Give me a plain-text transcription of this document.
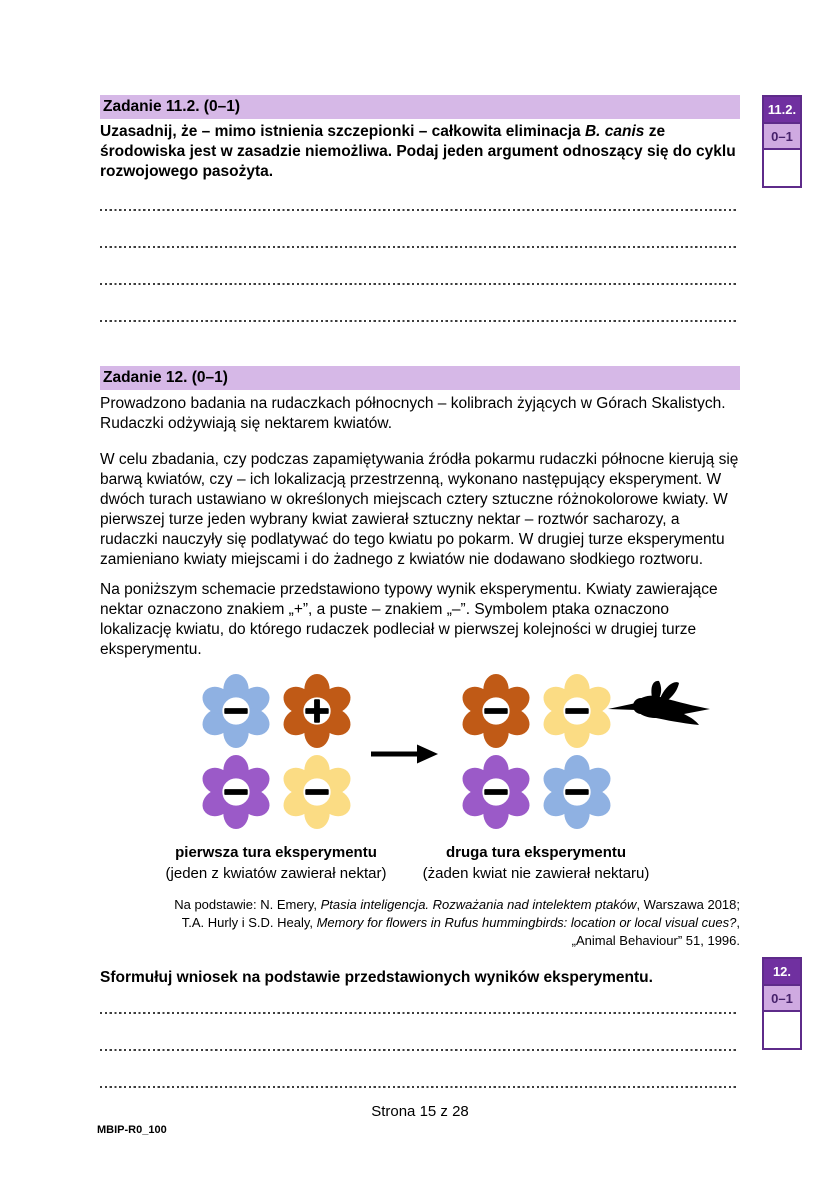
Zadanie 11.2. (0–1)

Uzasadnij, że – mimo istnienia szczepionki – całkowita eliminacja B. canis ze środowiska jest w zasadzie niemożliwa. Podaj jeden argument odnoszący się do cyklu rozwojowego pasożyta.

Zadanie 12. (0–1)

Prowadzono badania na rudaczkach północnych – kolibrach żyjących w Górach Skalistych. Rudaczki odżywiają się nektarem kwiatów.

W celu zbadania, czy podczas zapamiętywania źródła pokarmu rudaczki północne kierują się barwą kwiatów, czy – ich lokalizacją przestrzenną, wykonano następujący eksperyment. W dwóch turach ustawiano w określonych miejscach cztery sztuczne różnokolorowe kwiaty. W pierwszej turze jeden wybrany kwiat zawierał sztuczny nektar – roztwór sacharozy, a rudaczki nauczyły się podlatywać do tego kwiatu po pokarm. W drugiej turze eksperymentu zamieniano kwiaty miejscami i do żadnego z kwiatów nie dodawano słodkiego roztworu.

Na poniższym schemacie przedstawiono typowy wynik eksperymentu. Kwiaty zawierające nektar oznaczono znakiem „+”, a puste – znakiem „–”. Symbolem ptaka oznaczono lokalizację kwiatu, do którego rudaczek podleciał w pierwszej kolejności w drugiej turze eksperymentu.

pierwsza tura eksperymentu
(jeden z kwiatów zawierał nektar)
druga tura eksperymentu
(żaden kwiat nie zawierał nektaru)
Na podstawie: N. Emery, Ptasia inteligencja. Rozważania nad intelektem ptaków, Warszawa 2018;
T.A. Hurly i S.D. Healy, Memory for flowers in Rufus hummingbirds: location or local visual cues?,
„Animal Behaviour” 51, 1996.

Sformułuj wniosek na podstawie przedstawionych wyników eksperymentu.

Strona 15 z 28
MBIP-R0_100
11.2.
0–1
12.
0–1
